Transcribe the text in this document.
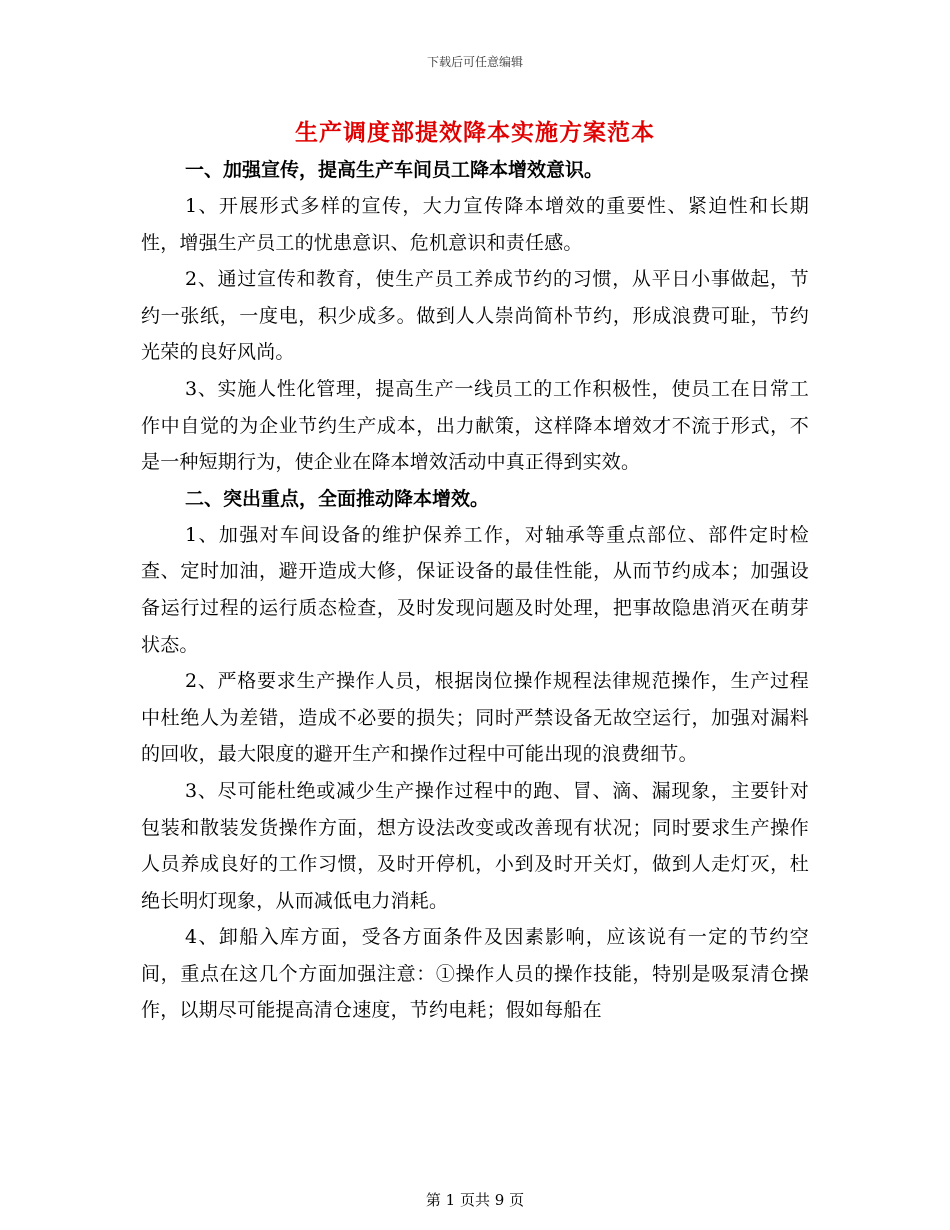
下载后可任意编辑
生产调度部提效降本实施方案范本
一、加强宣传，提高生产车间员工降本增效意识。

1、开展形式多样的宣传，大力宣传降本增效的重要性、紧迫性和长期性，增强生产员工的忧患意识、危机意识和责任感。

2、通过宣传和教育，使生产员工养成节约的习惯，从平日小事做起，节约一张纸，一度电，积少成多。做到人人崇尚简朴节约，形成浪费可耻，节约光荣的良好风尚。

3、实施人性化管理，提高生产一线员工的工作积极性，使员工在日常工作中自觉的为企业节约生产成本，出力献策，这样降本增效才不流于形式，不是一种短期行为，使企业在降本增效活动中真正得到实效。

二、突出重点，全面推动降本增效。

1、加强对车间设备的维护保养工作，对轴承等重点部位、部件定时检查、定时加油，避开造成大修，保证设备的最佳性能，从而节约成本；加强设备运行过程的运行质态检查，及时发现问题及时处理，把事故隐患消灭在萌芽状态。

2、严格要求生产操作人员，根据岗位操作规程法律规范操作，生产过程中杜绝人为差错，造成不必要的损失；同时严禁设备无故空运行，加强对漏料的回收，最大限度的避开生产和操作过程中可能出现的浪费细节。

3、尽可能杜绝或减少生产操作过程中的跑、冒、滴、漏现象，主要针对包装和散装发货操作方面，想方设法改变或改善现有状况；同时要求生产操作人员养成良好的工作习惯，及时开停机，小到及时开关灯，做到人走灯灭，杜绝长明灯现象，从而减低电力消耗。

4、卸船入库方面，受各方面条件及因素影响，应该说有一定的节约空间，重点在这几个方面加强注意：①操作人员的操作技能，特别是吸泵清仓操作，以期尽可能提高清仓速度，节约电耗；假如每船在

第 1 页共 9 页
